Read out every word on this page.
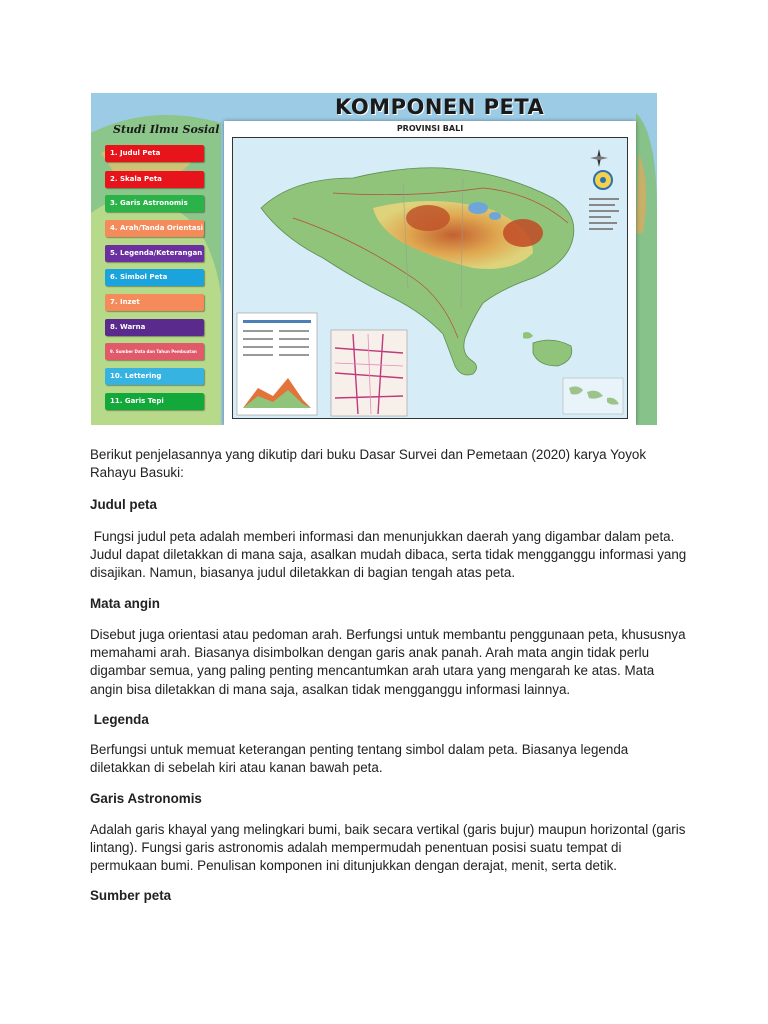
KOMPONEN PETA
Studi Ilmu Sosial
1. Judul Peta
2. Skala Peta
3. Garis Astronomis
4. Arah/Tanda Orientasi
5. Legenda/Keterangan
6. Simbol Peta
7. Inzet
8. Warna
9. Sumber Data dan Tahun Pembuatan
10. Lettering
11. Garis Tepi
PROVINSI BALI

Berikut penjelasannya yang dikutip dari buku Dasar Survei dan Pemetaan (2020) karya Yoyok Rahayu Basuki:

Judul peta

Fungsi judul peta adalah memberi informasi dan menunjukkan daerah yang digambar dalam peta. Judul dapat diletakkan di mana saja, asalkan mudah dibaca, serta tidak mengganggu informasi yang disajikan. Namun, biasanya judul diletakkan di bagian tengah atas peta.

Mata angin

Disebut juga orientasi atau pedoman arah. Berfungsi untuk membantu penggunaan peta, khususnya memahami arah. Biasanya disimbolkan dengan garis anak panah. Arah mata angin tidak perlu digambar semua, yang paling penting mencantumkan arah utara yang mengarah ke atas. Mata angin bisa diletakkan di mana saja, asalkan tidak mengganggu informasi lainnya.

Legenda

Berfungsi untuk memuat keterangan penting tentang simbol dalam peta. Biasanya legenda diletakkan di sebelah kiri atau kanan bawah peta.

Garis Astronomis

Adalah garis khayal yang melingkari bumi, baik secara vertikal (garis bujur) maupun horizontal (garis lintang). Fungsi garis astronomis adalah mempermudah penentuan posisi suatu tempat di permukaan bumi. Penulisan komponen ini ditunjukkan dengan derajat, menit, serta detik.

Sumber peta
